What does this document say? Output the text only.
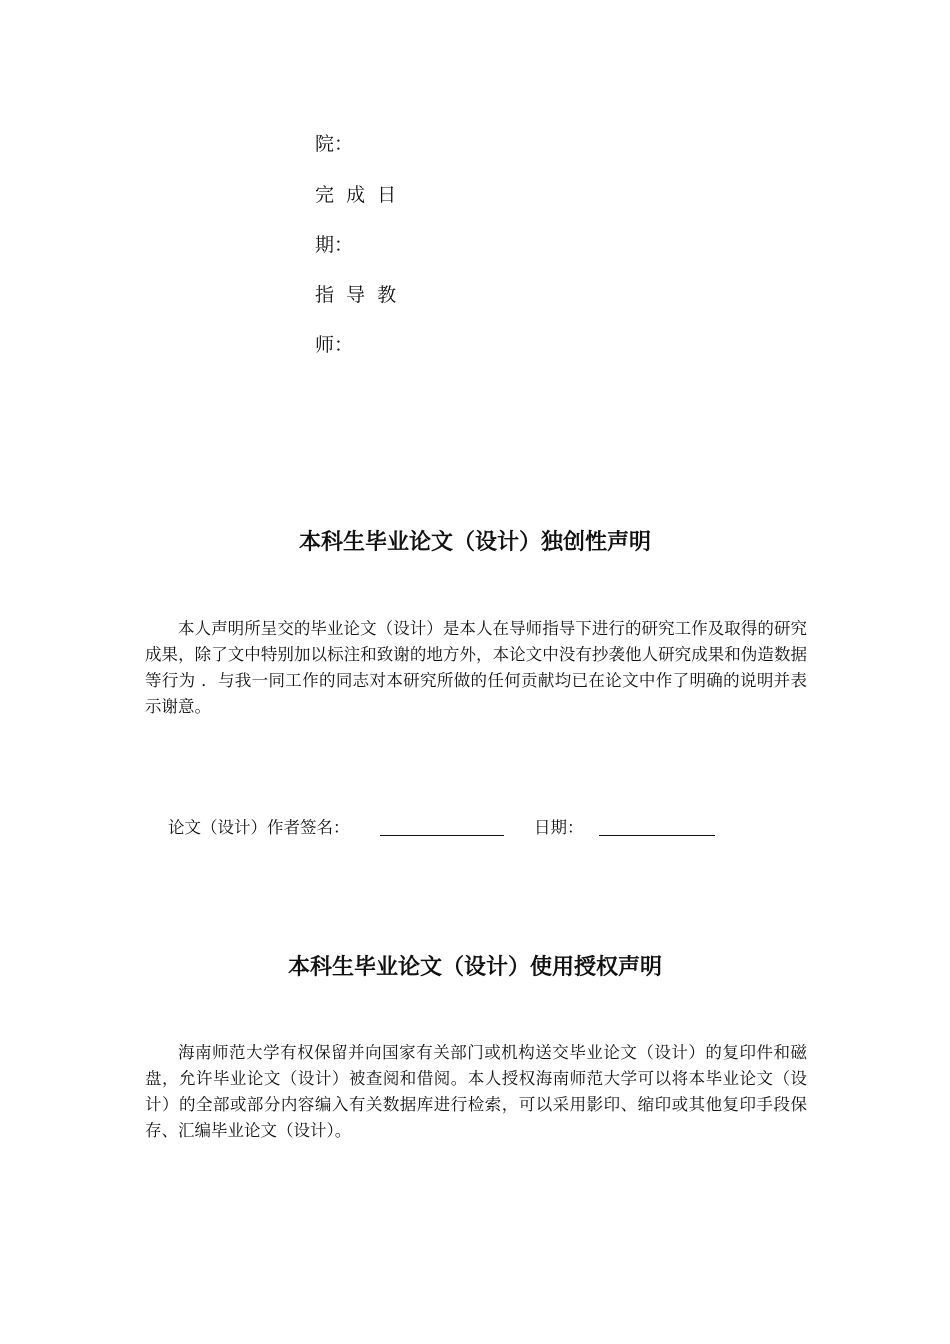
院：
完  成  日
期：
指  导  教
师：
本科生毕业论文（设计）独创性声明
本人声明所呈交的毕业论文（设计）是本人在导师指导下进行的研究工作及取得的研究成果，除了文中特别加以标注和致谢的地方外，本论文中没有抄袭他人研究成果和伪造数据等行为 ．与我一同工作的同志对本研究所做的任何贡献均已在论文中作了明确的说明并表示谢意。

论文（设计）作者签名：

	日期：

本科生毕业论文（设计）使用授权声明
海南师范大学有权保留并向国家有关部门或机构送交毕业论文（设计）的复印件和磁盘，允许毕业论文（设计）被查阅和借阅。本人授权海南师范大学可以将本毕业论文（设计）的全部或部分内容编入有关数据库进行检索，可以采用影印、缩印或其他复印手段保存、汇编毕业论文（设计）。
